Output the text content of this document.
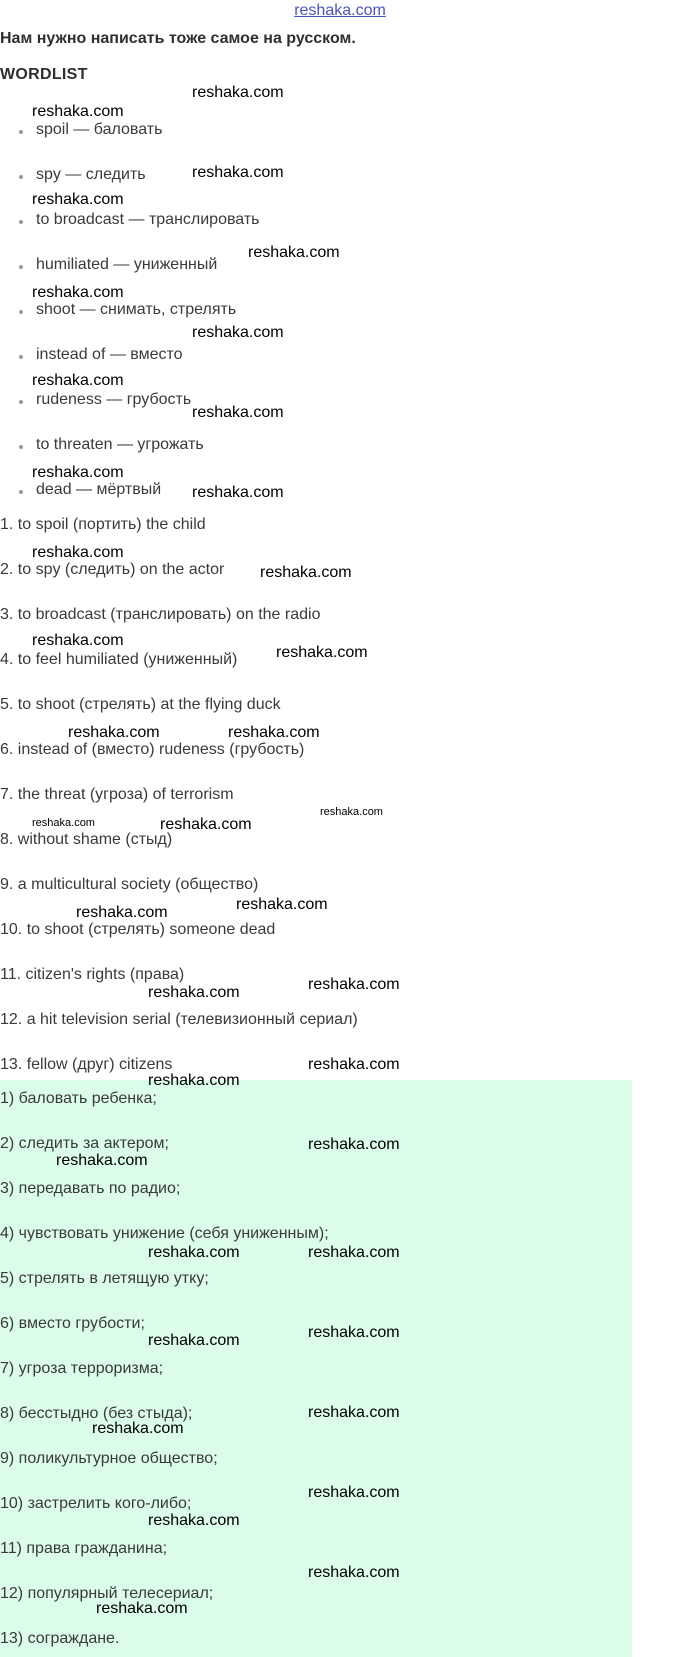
reshaka.com
Нам нужно написать тоже самое на русском.
WORDLIST
spoil — баловать
spy — следить
to broadcast — транслировать
humiliated — униженный
shoot — снимать, стрелять
instead of — вместо
rudeness — грубость
to threaten — угрожать
dead — мёртвый
1. to spoil (портить) the child
2. to spy (следить) on the actor
3. to broadcast (транслировать) on the radio
4. to feel humiliated (униженный)
5. to shoot (стрелять) at the flying duck
6. instead of (вместо) rudeness (грубость)
7. the threat (угроза) of terrorism
8. without shame (стыд)
9. a multicultural society (общество)
10. to shoot (стрелять) someone dead
11. citizen's rights (права)
12. a hit television serial (телевизионный сериал)
13. fellow (друг) citizens
1) баловать ребенка;
2) следить за актером;
3) передавать по радио;
4) чувствовать унижение (себя униженным);
5) стрелять в летящую утку;
6) вместо грубости;
7) угроза терроризма;
8) бесстыдно (без стыда);
9) поликультурное общество;
10) застрелить кого-либо;
11) права гражданина;
12) популярный телесериал;
13) сограждане.
reshaka.com
reshaka.com
reshaka.com
reshaka.com
reshaka.com
reshaka.com
reshaka.com
reshaka.com
reshaka.com
reshaka.com
reshaka.com
reshaka.com
reshaka.com
reshaka.com
reshaka.com
reshaka.com	reshaka.com
reshaka.com
reshaka.com	reshaka.com
reshaka.com
reshaka.com
reshaka.com
reshaka.com
reshaka.com
reshaka.com
reshaka.com
reshaka.com
reshaka.com	reshaka.com
reshaka.com
reshaka.com
reshaka.com
reshaka.com
reshaka.com
reshaka.com
reshaka.com
reshaka.com
